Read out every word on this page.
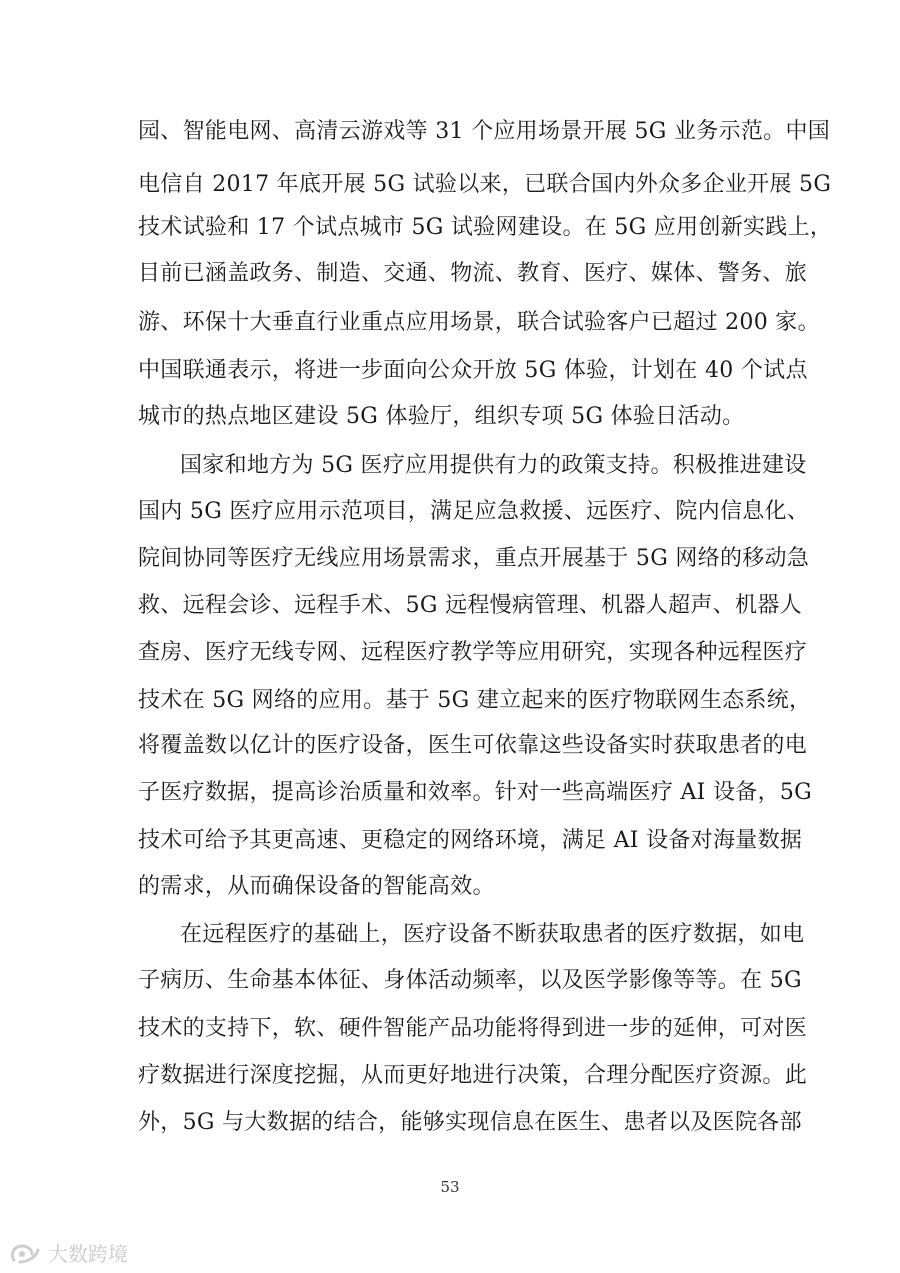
园、智能电网、高清云游戏等 31 个应用场景开展 5G 业务示范。中国
电信自 2017 年底开展 5G 试验以来，已联合国内外众多企业开展 5G
技术试验和 17 个试点城市 5G 试验网建设。在 5G 应用创新实践上，
目前已涵盖政务、制造、交通、物流、教育、医疗、媒体、警务、旅
游、环保十大垂直行业重点应用场景，联合试验客户已超过 200 家。
中国联通表示，将进一步面向公众开放 5G 体验，计划在 40 个试点
城市的热点地区建设 5G 体验厅，组织专项 5G 体验日活动。
国家和地方为 5G 医疗应用提供有力的政策支持。积极推进建设
国内 5G 医疗应用示范项目，满足应急救援、远医疗、院内信息化、
院间协同等医疗无线应用场景需求，重点开展基于 5G 网络的移动急
救、远程会诊、远程手术、5G 远程慢病管理、机器人超声、机器人
查房、医疗无线专网、远程医疗教学等应用研究，实现各种远程医疗
技术在 5G 网络的应用。基于 5G 建立起来的医疗物联网生态系统，
将覆盖数以亿计的医疗设备，医生可依靠这些设备实时获取患者的电
子医疗数据，提高诊治质量和效率。针对一些高端医疗 AI 设备，5G
技术可给予其更高速、更稳定的网络环境，满足 AI 设备对海量数据
的需求，从而确保设备的智能高效。
在远程医疗的基础上，医疗设备不断获取患者的医疗数据，如电
子病历、生命基本体征、身体活动频率，以及医学影像等等。在 5G
技术的支持下，软、硬件智能产品功能将得到进一步的延伸，可对医
疗数据进行深度挖掘，从而更好地进行决策，合理分配医疗资源。此
外，5G 与大数据的结合，能够实现信息在医生、患者以及医院各部
53
大数跨境
